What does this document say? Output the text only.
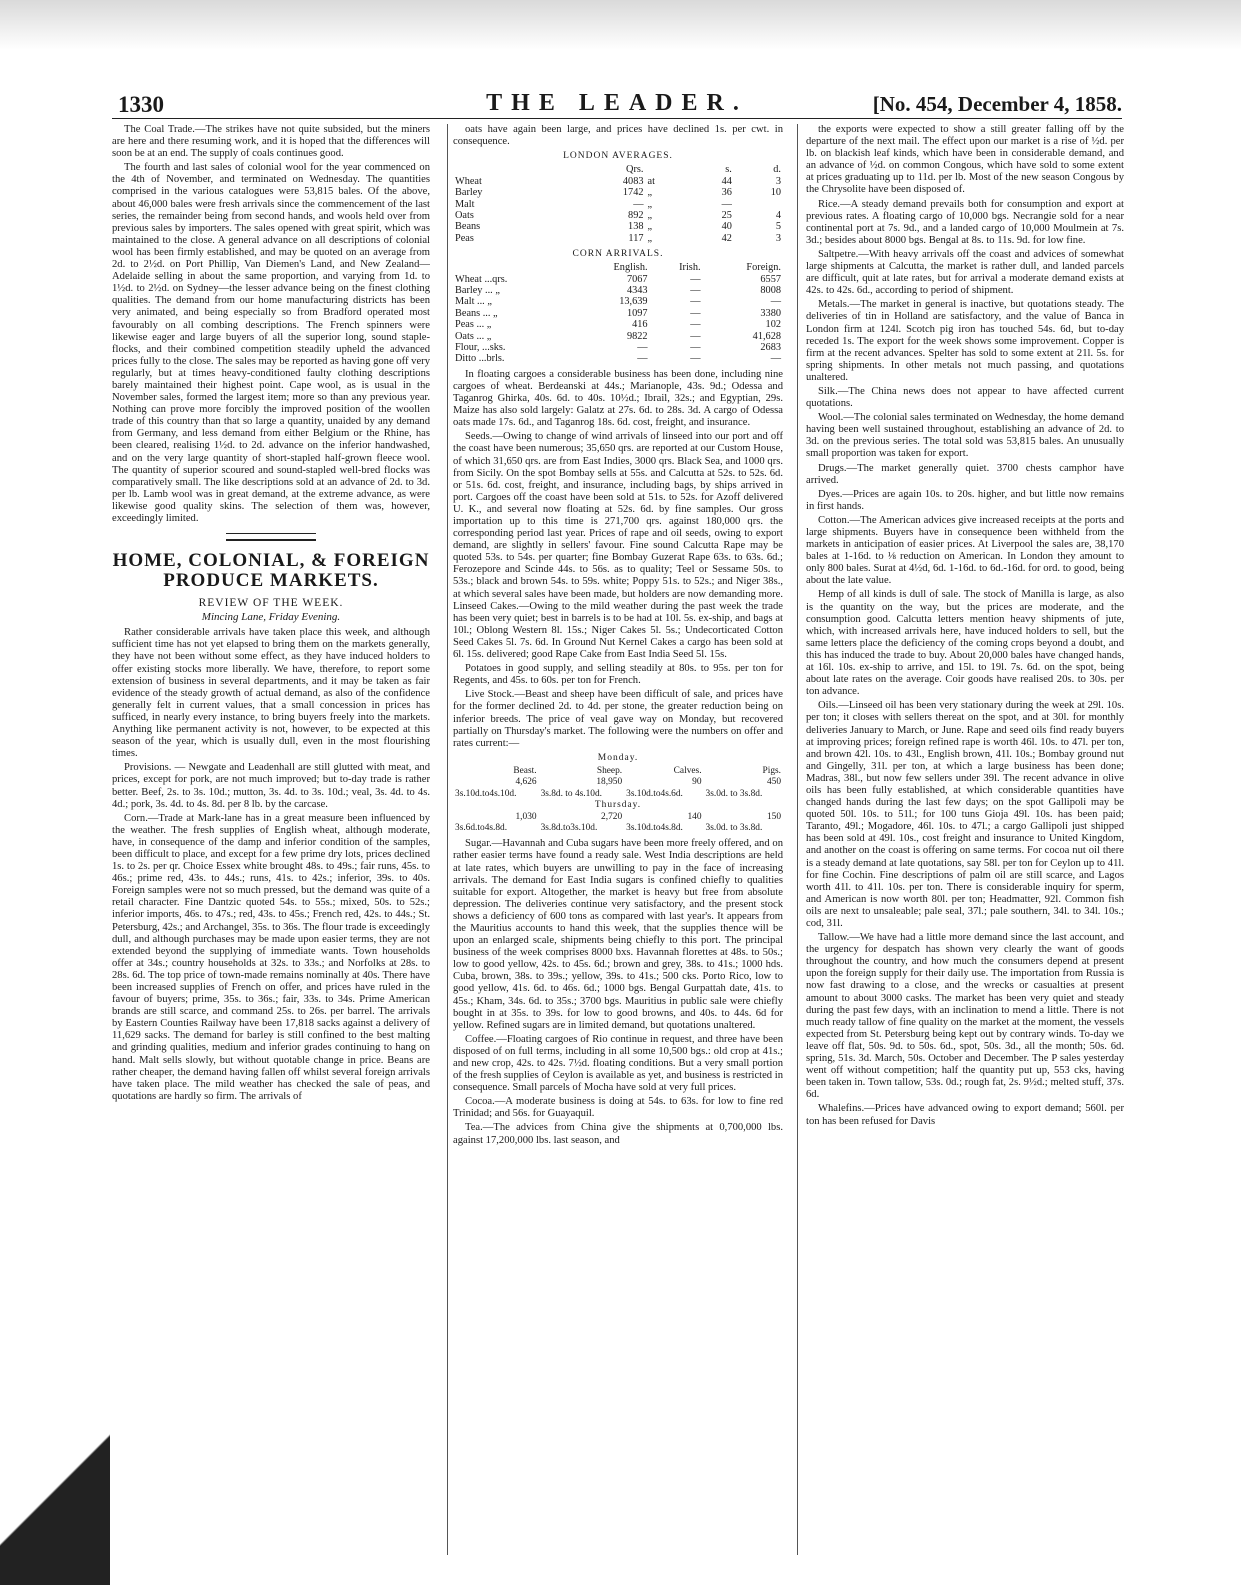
1330	THE LEADER.	[No. 454, December 4, 1858.

The Coal Trade.—The strikes have not quite subsided, but the miners are here and there resuming work, and it is hoped that the differences will soon be at an end. The supply of coals continues good.

The fourth and last sales of colonial wool for the year commenced on the 4th of November, and terminated on Wednesday. The quantities comprised in the various catalogues were 53,815 bales. Of the above, about 46,000 bales were fresh arrivals since the commencement of the last series, the remainder being from second hands, and wools held over from previous sales by importers. The sales opened with great spirit, which was maintained to the close. A general advance on all descriptions of colonial wool has been firmly established, and may be quoted on an average from 2d. to 2½d. on Port Phillip, Van Diemen's Land, and New Zealand—Adelaide selling in about the same proportion, and varying from 1d. to 1½d. to 2½d. on Sydney—the lesser advance being on the finest clothing qualities. The demand from our home manufacturing districts has been very animated, and being especially so from Bradford operated most favourably on all combing descriptions. The French spinners were likewise eager and large buyers of all the superior long, sound staple-flocks, and their combined competition steadily upheld the advanced prices fully to the close. The sales may be reported as having gone off very regularly, but at times heavy-conditioned faulty clothing descriptions barely maintained their highest point. Cape wool, as is usual in the November sales, formed the largest item; more so than any previous year. Nothing can prove more forcibly the improved position of the woollen trade of this country than that so large a quantity, unaided by any demand from Germany, and less demand from either Belgium or the Rhine, has been cleared, realising 1½d. to 2d. advance on the inferior handwashed, and on the very large quantity of short-stapled half-grown fleece wool. The quantity of superior scoured and sound-stapled well-bred flocks was comparatively small. The like descriptions sold at an advance of 2d. to 3d. per lb. Lamb wool was in great demand, at the extreme advance, as were likewise good quality skins. The selection of them was, however, exceedingly limited.

HOME, COLONIAL, & FOREIGN PRODUCE MARKETS.
REVIEW OF THE WEEK.
Mincing Lane, Friday Evening.

Rather considerable arrivals have taken place this week, and although sufficient time has not yet elapsed to bring them on the markets generally, they have not been without some effect, as they have induced holders to offer existing stocks more liberally. We have, therefore, to report some extension of business in several departments, and it may be taken as fair evidence of the steady growth of actual demand, as also of the confidence generally felt in current values, that a small concession in prices has sufficed, in nearly every instance, to bring buyers freely into the markets. Anything like permanent activity is not, however, to be expected at this season of the year, which is usually dull, even in the most flourishing times.

Provisions. — Newgate and Leadenhall are still glutted with meat, and prices, except for pork, are not much improved; but to-day trade is rather better. Beef, 2s. to 3s. 10d.; mutton, 3s. 4d. to 3s. 10d.; veal, 3s. 4d. to 4s. 4d.; pork, 3s. 4d. to 4s. 8d. per 8 lb. by the carcase.

Corn.—Trade at Mark-lane has in a great measure been influenced by the weather. The fresh supplies of English wheat, although moderate, have, in consequence of the damp and inferior condition of the samples, been difficult to place, and except for a few prime dry lots, prices declined 1s. to 2s. per qr. Choice Essex white brought 48s. to 49s.; fair runs, 45s. to 46s.; prime red, 43s. to 44s.; runs, 41s. to 42s.; inferior, 39s. to 40s. Foreign samples were not so much pressed, but the demand was quite of a retail character. Fine Dantzic quoted 54s. to 55s.; mixed, 50s. to 52s.; inferior imports, 46s. to 47s.; red, 43s. to 45s.; French red, 42s. to 44s.; St. Petersburg, 42s.; and Archangel, 35s. to 36s. The flour trade is exceedingly dull, and although purchases may be made upon easier terms, they are not extended beyond the supplying of immediate wants. Town households offer at 34s.; country households at 32s. to 33s.; and Norfolks at 28s. to 28s. 6d. The top price of town-made remains nominally at 40s. There have been increased supplies of French on offer, and prices have ruled in the favour of buyers; prime, 35s. to 36s.; fair, 33s. to 34s. Prime American brands are still scarce, and command 25s. to 26s. per barrel. The arrivals by Eastern Counties Railway have been 17,818 sacks against a delivery of 11,629 sacks. The demand for barley is still confined to the best malting and grinding qualities, medium and inferior grades continuing to hang on hand. Malt sells slowly, but without quotable change in price. Beans are rather cheaper, the demand having fallen off whilst several foreign arrivals have taken place. The mild weather has checked the sale of peas, and quotations are hardly so firm. The arrivals of

oats have again been large, and prices have declined 1s. per cwt. in consequence.

LONDON AVERAGES.
	Qrs.		s.	d.
Wheat	4083	at	44	3
Barley	1742	„	36	10
Malt	—	„	—	
Oats	892	„	25	4
Beans	138	„	40	5
Peas	117	„	42	3
CORN ARRIVALS.
	English.	Irish.	Foreign.
Wheat ...qrs.	7067	—	6557
Barley ... „	4343	—	8008
Malt ... „	13,639	—	—
Beans ... „	1097	—	3380
Peas ... „	416	—	102
Oats ... „	9822	—	41,628
Flour, ...sks.	—	—	2683
Ditto ...brls.	—	—	—

In floating cargoes a considerable business has been done, including nine cargoes of wheat. Berdeanski at 44s.; Marianople, 43s. 9d.; Odessa and Taganrog Ghirka, 40s. 6d. to 40s. 10½d.; Ibrail, 32s.; and Egyptian, 29s. Maize has also sold largely: Galatz at 27s. 6d. to 28s. 3d. A cargo of Odessa oats made 17s. 6d., and Taganrog 18s. 6d. cost, freight, and insurance.

Seeds.—Owing to change of wind arrivals of linseed into our port and off the coast have been numerous; 35,650 qrs. are reported at our Custom House, of which 31,650 qrs. are from East Indies, 3000 qrs. Black Sea, and 1000 qrs. from Sicily. On the spot Bombay sells at 55s. and Calcutta at 52s. to 52s. 6d. or 51s. 6d. cost, freight, and insurance, including bags, by ships arrived in port. Cargoes off the coast have been sold at 51s. to 52s. for Azoff delivered U. K., and several now floating at 52s. 6d. by fine samples. Our gross importation up to this time is 271,700 qrs. against 180,000 qrs. the corresponding period last year. Prices of rape and oil seeds, owing to export demand, are slightly in sellers' favour. Fine sound Calcutta Rape may be quoted 53s. to 54s. per quarter; fine Bombay Guzerat Rape 63s. to 63s. 6d.; Ferozepore and Scinde 44s. to 56s. as to quality; Teel or Sessame 50s. to 53s.; black and brown 54s. to 59s. white; Poppy 51s. to 52s.; and Niger 38s., at which several sales have been made, but holders are now demanding more. Linseed Cakes.—Owing to the mild weather during the past week the trade has been very quiet; best in barrels is to be had at 10l. 5s. ex-ship, and bags at 10l.; Oblong Western 8l. 15s.; Niger Cakes 5l. 5s.; Undecorticated Cotton Seed Cakes 5l. 7s. 6d. In Ground Nut Kernel Cakes a cargo has been sold at 6l. 15s. delivered; good Rape Cake from East India Seed 5l. 15s.

Potatoes in good supply, and selling steadily at 80s. to 95s. per ton for Regents, and 45s. to 60s. per ton for French.

Live Stock.—Beast and sheep have been difficult of sale, and prices have for the former declined 2d. to 4d. per stone, the greater reduction being on inferior breeds. The price of veal gave way on Monday, but recovered partially on Thursday's market. The following were the numbers on offer and rates current:—

Monday.
Beast.	Sheep.	Calves.	Pigs.
4,626	18,950	90	450
3s.10d.to4s.10d.	3s.8d. to 4s.10d.	3s.10d.to4s.6d.	3s.0d. to 3s.8d.
Thursday.			
1,030	2,720	140	150
3s.6d.to4s.8d.	3s.8d.to3s.10d.	3s.10d.to4s.8d.	3s.0d. to 3s.8d.

Sugar.—Havannah and Cuba sugars have been more freely offered, and on rather easier terms have found a ready sale. West India descriptions are held at late rates, which buyers are unwilling to pay in the face of increasing arrivals. The demand for East India sugars is confined chiefly to qualities suitable for export. Altogether, the market is heavy but free from absolute depression. The deliveries continue very satisfactory, and the present stock shows a deficiency of 600 tons as compared with last year's. It appears from the Mauritius accounts to hand this week, that the supplies thence will be upon an enlarged scale, shipments being chiefly to this port. The principal business of the week comprises 8000 bxs. Havannah florettes at 48s. to 50s.; low to good yellow, 42s. to 45s. 6d.; brown and grey, 38s. to 41s.; 1000 hds. Cuba, brown, 38s. to 39s.; yellow, 39s. to 41s.; 500 cks. Porto Rico, low to good yellow, 41s. 6d. to 46s. 6d.; 1000 bgs. Bengal Gurpattah date, 41s. to 45s.; Kham, 34s. 6d. to 35s.; 3700 bgs. Mauritius in public sale were chiefly bought in at 35s. to 39s. for low to good browns, and 40s. to 44s. 6d for yellow. Refined sugars are in limited demand, but quotations unaltered.

Coffee.—Floating cargoes of Rio continue in request, and three have been disposed of on full terms, including in all some 10,500 bgs.: old crop at 41s.; and new crop, 42s. to 42s. 7½d. floating conditions. But a very small portion of the fresh supplies of Ceylon is available as yet, and business is restricted in consequence. Small parcels of Mocha have sold at very full prices.

Cocoa.—A moderate business is doing at 54s. to 63s. for low to fine red Trinidad; and 56s. for Guayaquil.

Tea.—The advices from China give the shipments at 0,700,000 lbs. against 17,200,000 lbs. last season, and

the exports were expected to show a still greater falling off by the departure of the next mail. The effect upon our market is a rise of ½d. per lb. on blackish leaf kinds, which have been in considerable demand, and an advance of ½d. on common Congous, which have sold to some extent at prices graduating up to 11d. per lb. Most of the new season Congous by the Chrysolite have been disposed of.

Rice.—A steady demand prevails both for consumption and export at previous rates. A floating cargo of 10,000 bgs. Necrangie sold for a near continental port at 7s. 9d., and a landed cargo of 10,000 Moulmein at 7s. 3d.; besides about 8000 bgs. Bengal at 8s. to 11s. 9d. for low fine.

Saltpetre.—With heavy arrivals off the coast and advices of somewhat large shipments at Calcutta, the market is rather dull, and landed parcels are difficult, quit at late rates, but for arrival a moderate demand exists at 42s. to 42s. 6d., according to period of shipment.

Metals.—The market in general is inactive, but quotations steady. The deliveries of tin in Holland are satisfactory, and the value of Banca in London firm at 124l. Scotch pig iron has touched 54s. 6d, but to-day receded 1s. The export for the week shows some improvement. Copper is firm at the recent advances. Spelter has sold to some extent at 21l. 5s. for spring shipments. In other metals not much passing, and quotations unaltered.

Silk.—The China news does not appear to have affected current quotations.

Wool.—The colonial sales terminated on Wednesday, the home demand having been well sustained throughout, establishing an advance of 2d. to 3d. on the previous series. The total sold was 53,815 bales. An unusually small proportion was taken for export.

Drugs.—The market generally quiet. 3700 chests camphor have arrived.

Dyes.—Prices are again 10s. to 20s. higher, and but little now remains in first hands.

Cotton.—The American advices give increased receipts at the ports and large shipments. Buyers have in consequence been withheld from the markets in anticipation of easier prices. At Liverpool the sales are, 38,170 bales at 1-16d. to ⅛ reduction on American. In London they amount to only 800 bales. Surat at 4½d, 6d. 1-16d. to 6d.-16d. for ord. to good, being about the late value.

Hemp of all kinds is dull of sale. The stock of Manilla is large, as also is the quantity on the way, but the prices are moderate, and the consumption good. Calcutta letters mention heavy shipments of jute, which, with increased arrivals here, have induced holders to sell, but the same letters place the deficiency of the coming crops beyond a doubt, and this has induced the trade to buy. About 20,000 bales have changed hands, at 16l. 10s. ex-ship to arrive, and 15l. to 19l. 7s. 6d. on the spot, being about late rates on the average. Coir goods have realised 20s. to 30s. per ton advance.

Oils.—Linseed oil has been very stationary during the week at 29l. 10s. per ton; it closes with sellers thereat on the spot, and at 30l. for monthly deliveries January to March, or June. Rape and seed oils find ready buyers at improving prices; foreign refined rape is worth 46l. 10s. to 47l. per ton, and brown 42l. 10s. to 43l., English brown, 41l. 10s.; Bombay ground nut and Gingelly, 31l. per ton, at which a large business has been done; Madras, 38l., but now few sellers under 39l. The recent advance in olive oils has been fully established, at which considerable quantities have changed hands during the last few days; on the spot Gallipoli may be quoted 50l. 10s. to 51l.; for 100 tuns Gioja 49l. 10s. has been paid; Taranto, 49l.; Mogadore, 46l. 10s. to 47l.; a cargo Gallipoli just shipped has been sold at 49l. 10s., cost freight and insurance to United Kingdom, and another on the coast is offering on same terms. For cocoa nut oil there is a steady demand at late quotations, say 58l. per ton for Ceylon up to 41l. for fine Cochin. Fine descriptions of palm oil are still scarce, and Lagos worth 41l. to 41l. 10s. per ton. There is considerable inquiry for sperm, and American is now worth 80l. per ton; Headmatter, 92l. Common fish oils are next to unsaleable; pale seal, 37l.; pale southern, 34l. to 34l. 10s.; cod, 31l.

Tallow.—We have had a little more demand since the last account, and the urgency for despatch has shown very clearly the want of goods throughout the country, and how much the consumers depend at present upon the foreign supply for their daily use. The importation from Russia is now fast drawing to a close, and the wrecks or casualties at present amount to about 3000 casks. The market has been very quiet and steady during the past few days, with an inclination to mend a little. There is not much ready tallow of fine quality on the market at the moment, the vessels expected from St. Petersburg being kept out by contrary winds. To-day we leave off flat, 50s. 9d. to 50s. 6d., spot, 50s. 3d., all the month; 50s. 6d. spring, 51s. 3d. March, 50s. October and December. The P sales yesterday went off without competition; half the quantity put up, 553 cks, having been taken in. Town tallow, 53s. 0d.; rough fat, 2s. 9½d.; melted stuff, 37s. 6d.

Whalefins.—Prices have advanced owing to export demand; 560l. per ton has been refused for Davis
